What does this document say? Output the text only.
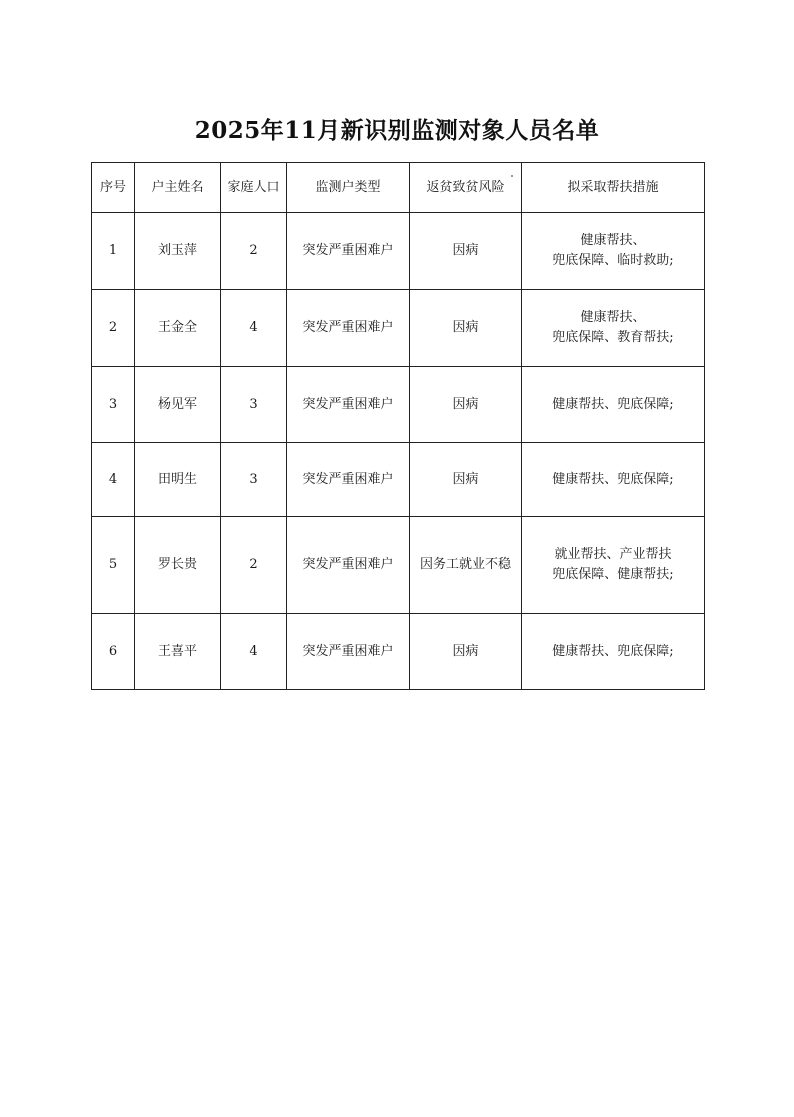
2025年11月新识别监测对象人员名单
序号	户主姓名	家庭人口	监测户类型	返贫致贫风险	拟采取帮扶措施
1	刘玉萍	2	突发严重困难户	因病	健康帮扶、
兜底保障、临时救助;

2	王金全	4	突发严重困难户	因病	健康帮扶、
兜底保障、教育帮扶;

3	杨见军	3	突发严重困难户	因病	健康帮扶、兜底保障;

4	田明生	3	突发严重困难户	因病	健康帮扶、兜底保障;

5	罗长贵	2	突发严重困难户	因务工就业不稳	就业帮扶、产业帮扶
兜底保障、健康帮扶;

6	王喜平	4	突发严重困难户	因病	健康帮扶、兜底保障;
